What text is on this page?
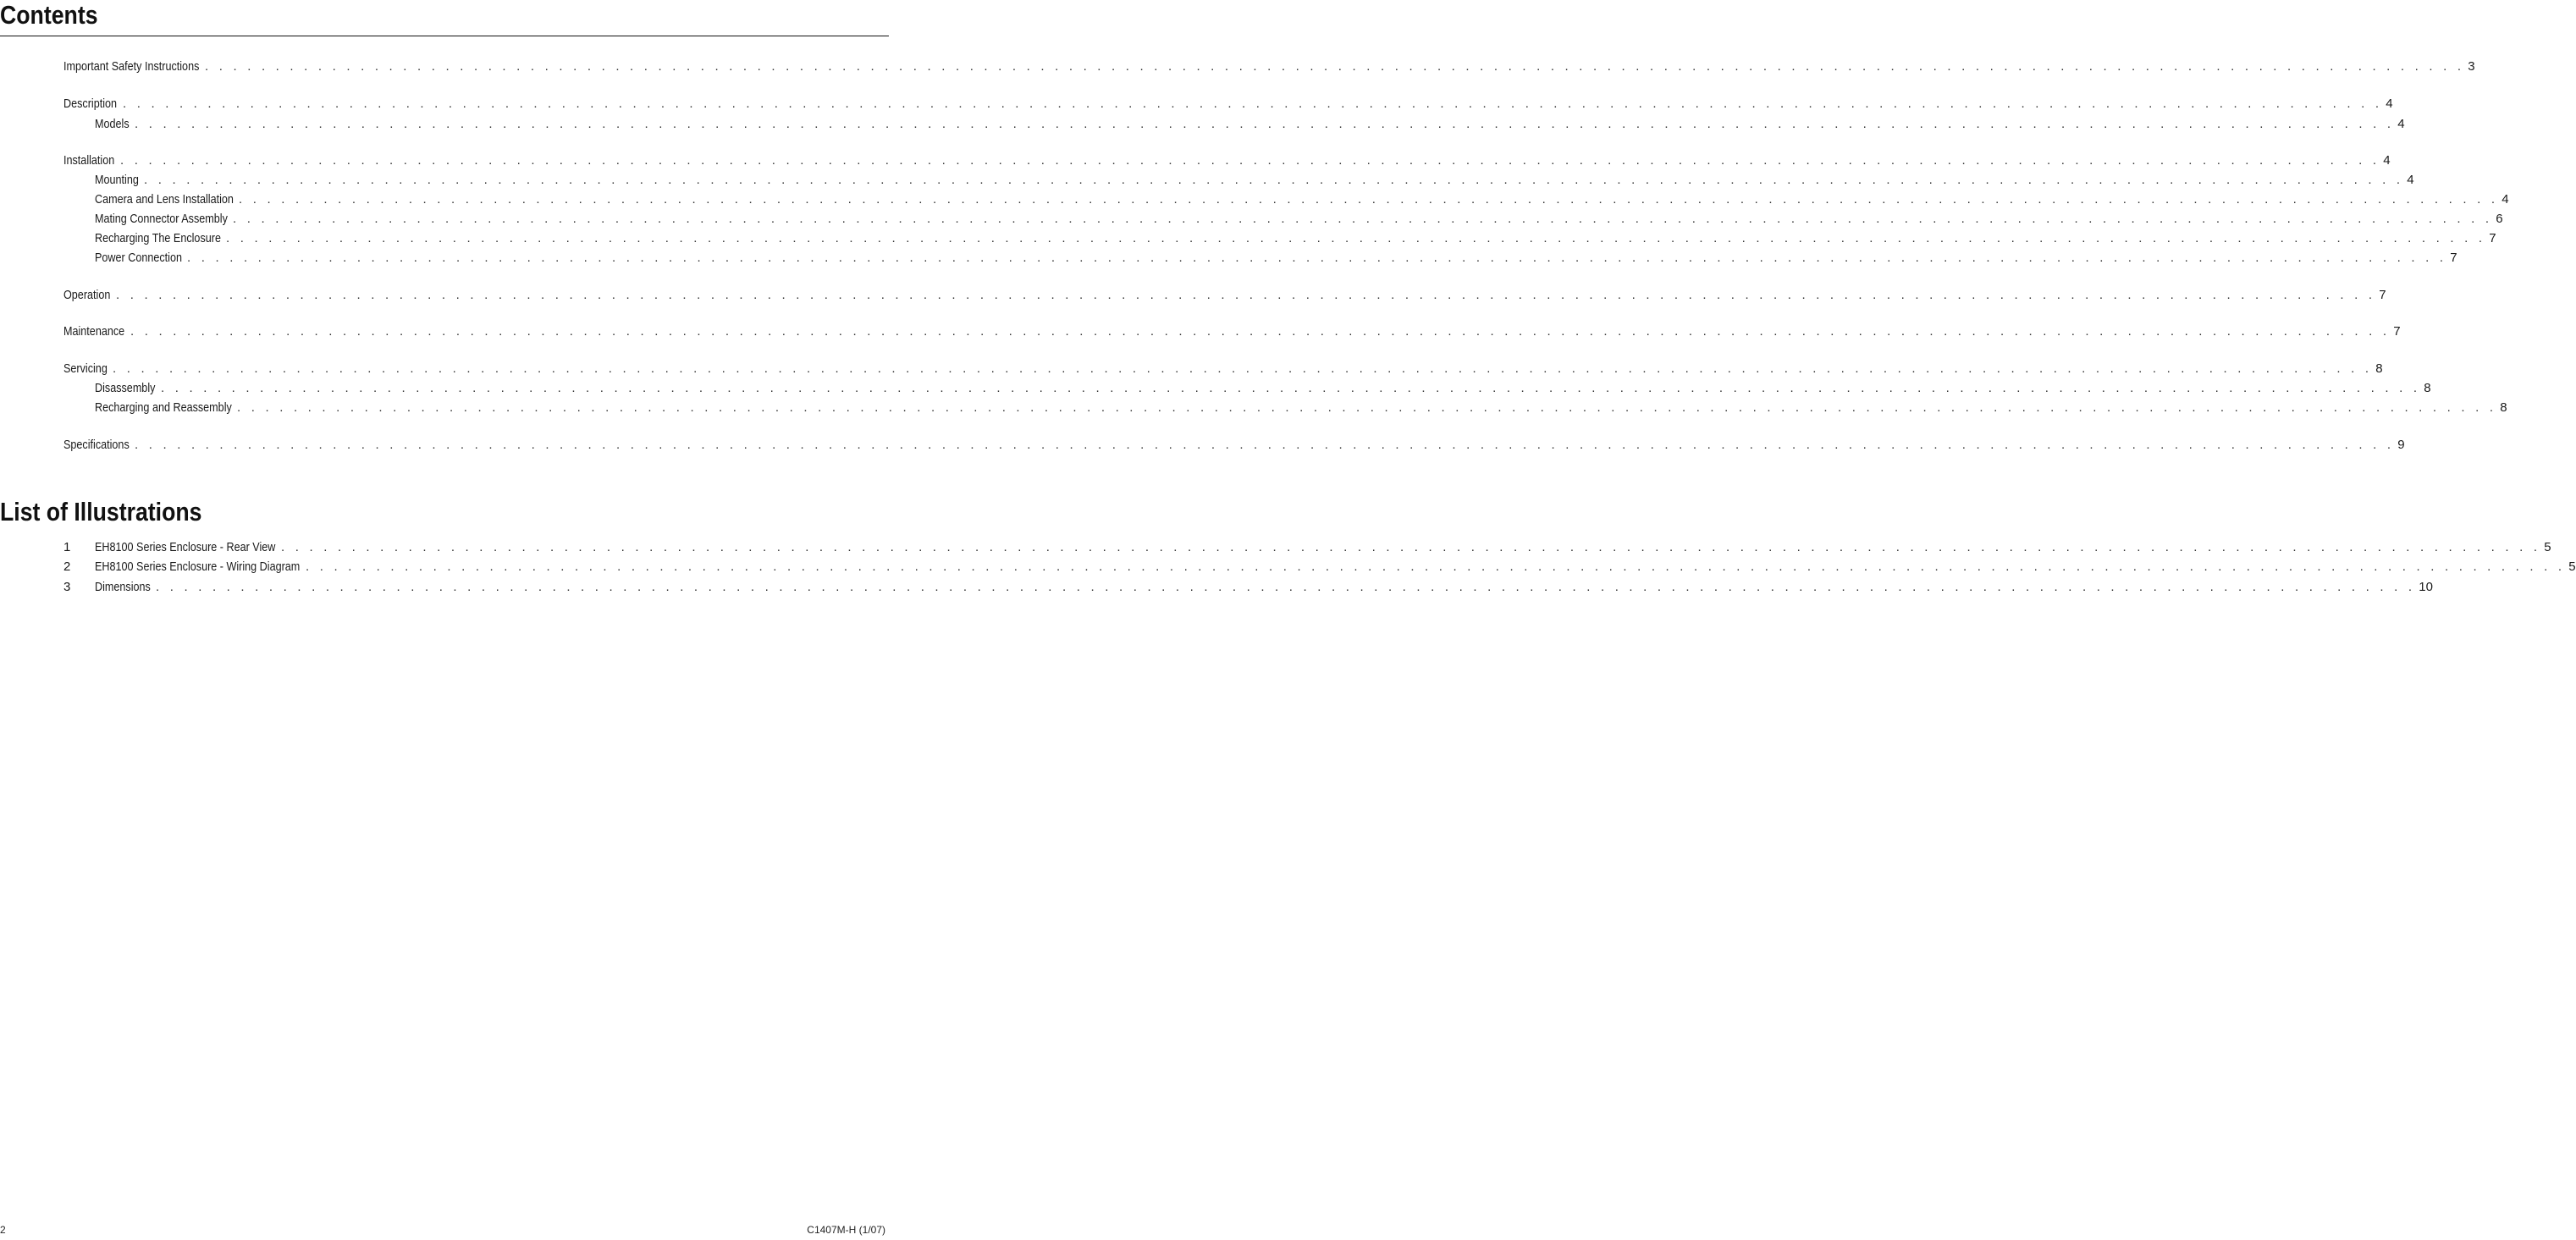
Contents
Important Safety Instructions . . . . . . . . . . . . . . . . . . . . . . . . . . . . . . . . . . . . . . . . . . . . . . . . . . . . . . . . . . . . . . . . . . . . . . . . . . . . . . . . . . . . . . . . . . . . . . . . . . . . . . . . . . . . . . . . . . . . . . . . . . . . . . . . . . . . . . . . . . . . . . . . . . . . . . . . . . . . . . . . 3
Description . . . . . . . . . . . . . . . . . . . . . . . . . . . . . . . . . . . . . . . . . . . . . . . . . . . . . . . . . . . . . . . . . . . . . . . . . . . . . . . . . . . . . . . . . . . . . . . . . . . . . . . . . . . . . . . . . . . . . . . . . . . . . . . . . . . . . . . . . . . . . . . . . . . . . . . . . . . . . . . . 4
Models . . . . . . . . . . . . . . . . . . . . . . . . . . . . . . . . . . . . . . . . . . . . . . . . . . . . . . . . . . . . . . . . . . . . . . . . . . . . . . . . . . . . . . . . . . . . . . . . . . . . . . . . . . . . . . . . . . . . . . . . . . . . . . . . . . . . . . . . . . . . . . . . . . . . . . . . . . . . . . . . 4
Installation . . . . . . . . . . . . . . . . . . . . . . . . . . . . . . . . . . . . . . . . . . . . . . . . . . . . . . . . . . . . . . . . . . . . . . . . . . . . . . . . . . . . . . . . . . . . . . . . . . . . . . . . . . . . . . . . . . . . . . . . . . . . . . . . . . . . . . . . . . . . . . . . . . . . . . . . . . . . . . . . 4
Mounting . . . . . . . . . . . . . . . . . . . . . . . . . . . . . . . . . . . . . . . . . . . . . . . . . . . . . . . . . . . . . . . . . . . . . . . . . . . . . . . . . . . . . . . . . . . . . . . . . . . . . . . . . . . . . . . . . . . . . . . . . . . . . . . . . . . . . . . . . . . . . . . . . . . . . . . . . . . . . . . . 4
Camera and Lens Installation . . . . . . . . . . . . . . . . . . . . . . . . . . . . . . . . . . . . . . . . . . . . . . . . . . . . . . . . . . . . . . . . . . . . . . . . . . . . . . . . . . . . . . . . . . . . . . . . . . . . . . . . . . . . . . . . . . . . . . . . . . . . . . . . . . . . . . . . . . . . . . . . . . . . . . . . . . . . . . . . 4
Mating Connector Assembly . . . . . . . . . . . . . . . . . . . . . . . . . . . . . . . . . . . . . . . . . . . . . . . . . . . . . . . . . . . . . . . . . . . . . . . . . . . . . . . . . . . . . . . . . . . . . . . . . . . . . . . . . . . . . . . . . . . . . . . . . . . . . . . . . . . . . . . . . . . . . . . . . . . . . . . . . . . . . . . . 6
Recharging The Enclosure . . . . . . . . . . . . . . . . . . . . . . . . . . . . . . . . . . . . . . . . . . . . . . . . . . . . . . . . . . . . . . . . . . . . . . . . . . . . . . . . . . . . . . . . . . . . . . . . . . . . . . . . . . . . . . . . . . . . . . . . . . . . . . . . . . . . . . . . . . . . . . . . . . . . . . . . . . . . . . . . 7
Power Connection . . . . . . . . . . . . . . . . . . . . . . . . . . . . . . . . . . . . . . . . . . . . . . . . . . . . . . . . . . . . . . . . . . . . . . . . . . . . . . . . . . . . . . . . . . . . . . . . . . . . . . . . . . . . . . . . . . . . . . . . . . . . . . . . . . . . . . . . . . . . . . . . . . . . . . . . . . . . . . . . 7
Operation . . . . . . . . . . . . . . . . . . . . . . . . . . . . . . . . . . . . . . . . . . . . . . . . . . . . . . . . . . . . . . . . . . . . . . . . . . . . . . . . . . . . . . . . . . . . . . . . . . . . . . . . . . . . . . . . . . . . . . . . . . . . . . . . . . . . . . . . . . . . . . . . . . . . . . . . . . . . . . . . 7
Maintenance . . . . . . . . . . . . . . . . . . . . . . . . . . . . . . . . . . . . . . . . . . . . . . . . . . . . . . . . . . . . . . . . . . . . . . . . . . . . . . . . . . . . . . . . . . . . . . . . . . . . . . . . . . . . . . . . . . . . . . . . . . . . . . . . . . . . . . . . . . . . . . . . . . . . . . . . . . . . . . . . 7
Servicing . . . . . . . . . . . . . . . . . . . . . . . . . . . . . . . . . . . . . . . . . . . . . . . . . . . . . . . . . . . . . . . . . . . . . . . . . . . . . . . . . . . . . . . . . . . . . . . . . . . . . . . . . . . . . . . . . . . . . . . . . . . . . . . . . . . . . . . . . . . . . . . . . . . . . . . . . . . . . . . . 8
Disassembly . . . . . . . . . . . . . . . . . . . . . . . . . . . . . . . . . . . . . . . . . . . . . . . . . . . . . . . . . . . . . . . . . . . . . . . . . . . . . . . . . . . . . . . . . . . . . . . . . . . . . . . . . . . . . . . . . . . . . . . . . . . . . . . . . . . . . . . . . . . . . . . . . . . . . . . . . . . . . . . . 8
Recharging and Reassembly . . . . . . . . . . . . . . . . . . . . . . . . . . . . . . . . . . . . . . . . . . . . . . . . . . . . . . . . . . . . . . . . . . . . . . . . . . . . . . . . . . . . . . . . . . . . . . . . . . . . . . . . . . . . . . . . . . . . . . . . . . . . . . . . . . . . . . . . . . . . . . . . . . . . . . . . . . . . . . . . 8
Specifications . . . . . . . . . . . . . . . . . . . . . . . . . . . . . . . . . . . . . . . . . . . . . . . . . . . . . . . . . . . . . . . . . . . . . . . . . . . . . . . . . . . . . . . . . . . . . . . . . . . . . . . . . . . . . . . . . . . . . . . . . . . . . . . . . . . . . . . . . . . . . . . . . . . . . . . . . . . . . . . . 9
List of Illustrations
1	EH8100 Series Enclosure - Rear View . . . . . . . . . . . . . . . . . . . . . . . . . . . . . . . . . . . . . . . . . . . . . . . . . . . . . . . . . . . . . . . . . . . . . . . . . . . . . . . . . . . . . . . . . . . . . . . . . . . . . . . . . . . . . . . . . . . . . . . . . . . . . . . . . . . . . . . . . . . . . . . . . . . . . . . . . . . . . . . . 5
2	EH8100 Series Enclosure - Wiring Diagram . . . . . . . . . . . . . . . . . . . . . . . . . . . . . . . . . . . . . . . . . . . . . . . . . . . . . . . . . . . . . . . . . . . . . . . . . . . . . . . . . . . . . . . . . . . . . . . . . . . . . . . . . . . . . . . . . . . . . . . . . . . . . . . . . . . . . . . . . . . . . . . . . . . . . . . . . . . . . . . . 5
3	Dimensions . . . . . . . . . . . . . . . . . . . . . . . . . . . . . . . . . . . . . . . . . . . . . . . . . . . . . . . . . . . . . . . . . . . . . . . . . . . . . . . . . . . . . . . . . . . . . . . . . . . . . . . . . . . . . . . . . . . . . . . . . . . . . . . . . . . . . . . . . . . . . . . . . . . . . . . . . . . . . . . . 10
2	C1407M-H (1/07)
